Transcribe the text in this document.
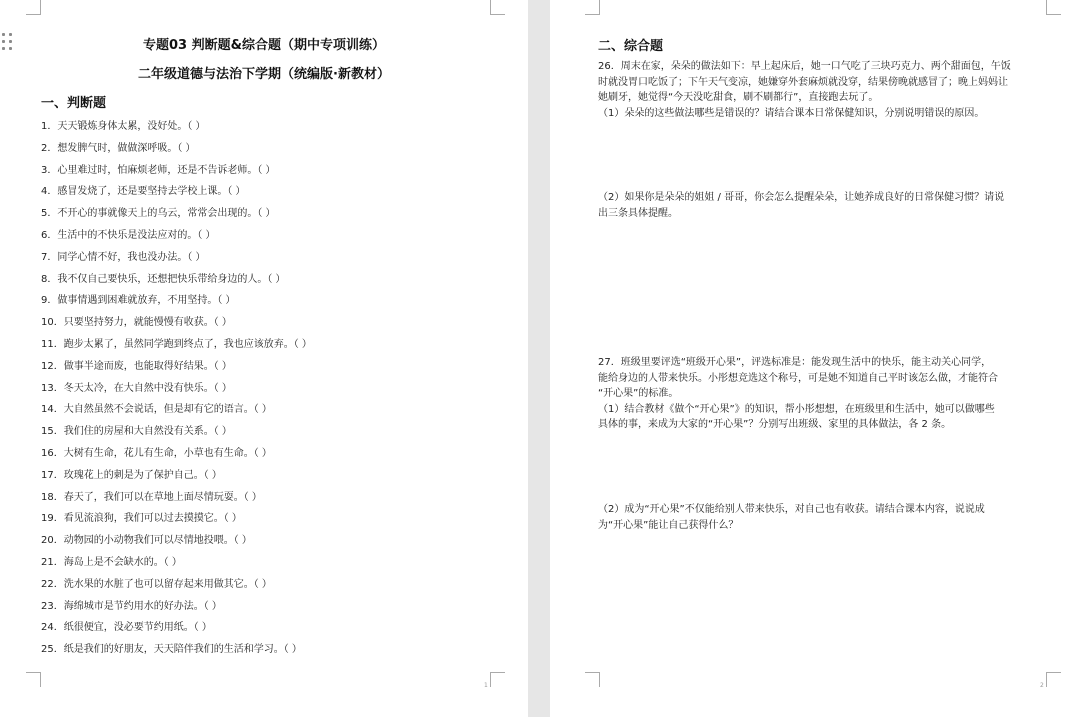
专题03 判断题&综合题（期中专项训练）
二年级道德与法治下学期（统编版·新教材）
一、判断题
1．天天锻炼身体太累，没好处。（ ）
2．想发脾气时，做做深呼吸。（ ）
3．心里难过时，怕麻烦老师，还是不告诉老师。（ ）
4．感冒发烧了，还是要坚持去学校上课。（ ）
5．不开心的事就像天上的乌云，常常会出现的。（ ）
6．生活中的不快乐是没法应对的。（ ）
7．同学心情不好，我也没办法。（ ）
8．我不仅自己要快乐，还想把快乐带给身边的人。（ ）
9．做事情遇到困难就放弃，不用坚持。（ ）
10．只要坚持努力，就能慢慢有收获。（ ）
11．跑步太累了，虽然同学跑到终点了，我也应该放弃。（ ）
12．做事半途而废，也能取得好结果。（ ）
13．冬天太冷，在大自然中没有快乐。（ ）
14．大自然虽然不会说话，但是却有它的语言。（ ）
15．我们住的房屋和大自然没有关系。（ ）
16．大树有生命，花儿有生命，小草也有生命。（ ）
17．玫瑰花上的刺是为了保护自己。（ ）
18．春天了，我们可以在草地上面尽情玩耍。（ ）
19．看见流浪狗，我们可以过去摸摸它。（ ）
20．动物园的小动物我们可以尽情地投喂。（ ）
21．海岛上是不会缺水的。（ ）
22．洗水果的水脏了也可以留存起来用做其它。（ ）
23．海绵城市是节约用水的好办法。（ ）
24．纸很便宜，没必要节约用纸。（ ）
25．纸是我们的好朋友，天天陪伴我们的生活和学习。（ ）
1	2
二、综合题
26．周末在家，朵朵的做法如下：早上起床后，她一口气吃了三块巧克力、两个甜面包，午饭
时就没胃口吃饭了；下午天气变凉，她嫌穿外套麻烦就没穿，结果傍晚就感冒了；晚上妈妈让
她刷牙，她觉得“今天没吃甜食，刷不刷都行”，直接跑去玩了。
（1）朵朵的这些做法哪些是错误的？请结合课本日常保健知识，分别说明错误的原因。
（2）如果你是朵朵的姐姐 / 哥哥，你会怎么提醒朵朵，让她养成良好的日常保健习惯？请说
出三条具体提醒。
27．班级里要评选“班级开心果”，评选标准是：能发现生活中的快乐，能主动关心同学，
能给身边的人带来快乐。小彤想竞选这个称号，可是她不知道自己平时该怎么做，才能符合
“开心果”的标准。
（1）结合教材《做个“开心果”》的知识，帮小彤想想，在班级里和生活中，她可以做哪些
具体的事，来成为大家的“开心果”？分别写出班级、家里的具体做法，各 2 条。
（2）成为“开心果”不仅能给别人带来快乐，对自己也有收获。请结合课本内容，说说成
为“开心果”能让自己获得什么？
